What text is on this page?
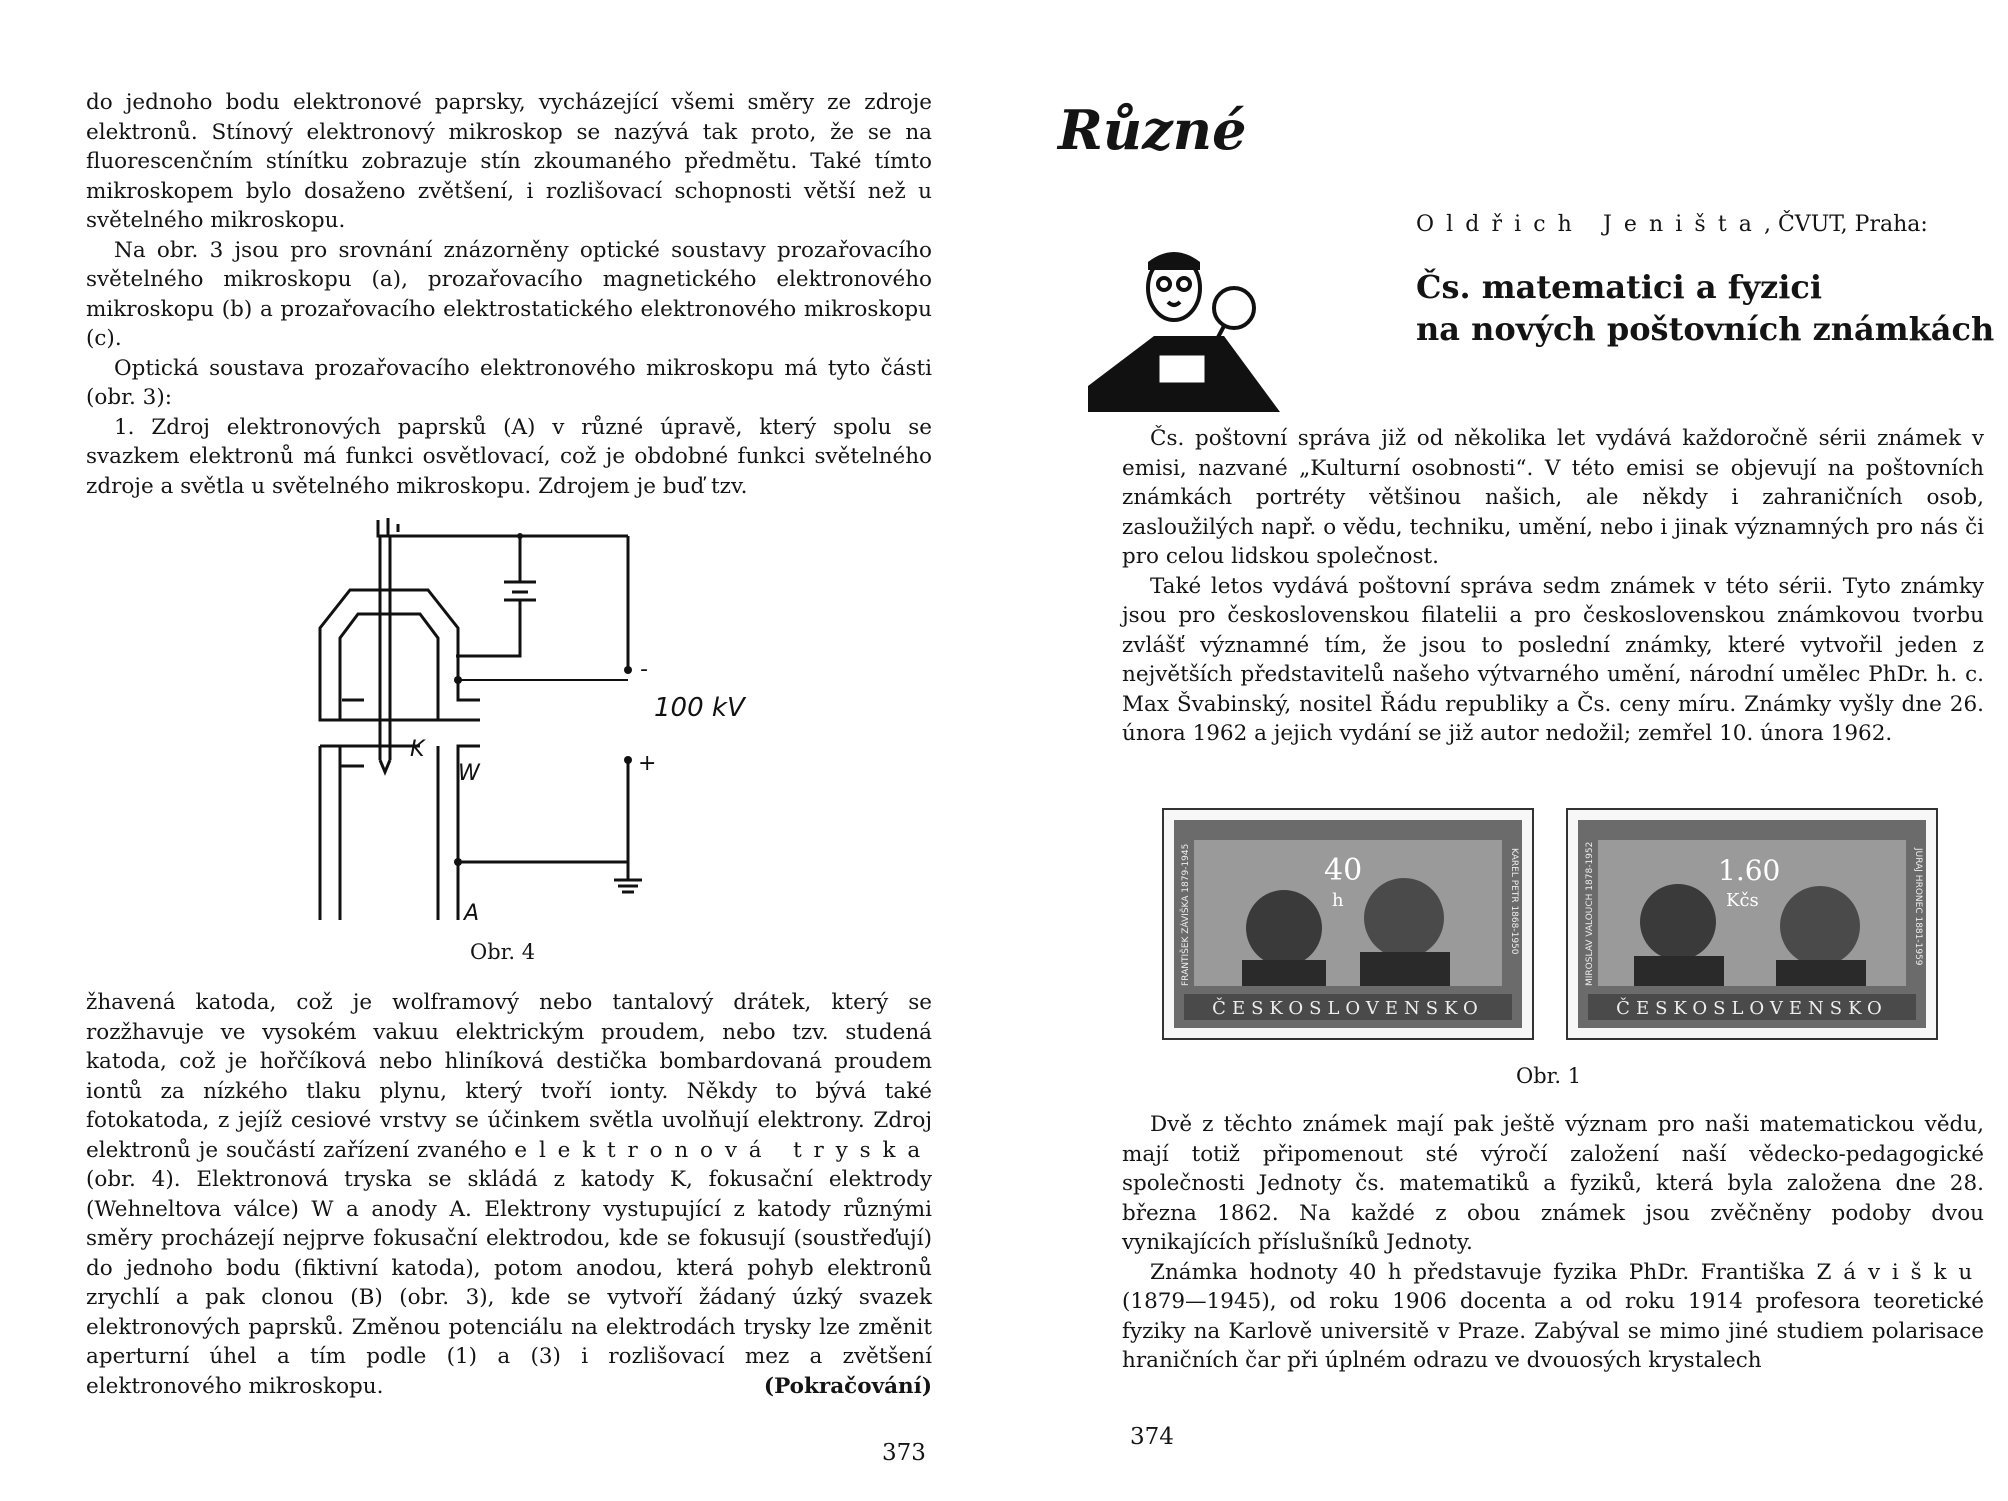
do jednoho bodu elektronové paprsky, vycházející všemi směry ze zdroje elektronů. Stínový elektronový mikroskop se nazývá tak proto, že se na fluorescenčním stínítku zobrazuje stín zkoumaného předmětu. Také tímto mikroskopem bylo dosaženo zvětšení, i rozlišovací schopnosti větší než u světelného mikroskopu.

Na obr. 3 jsou pro srovnání znázorněny optické soustavy prozařovacího světelného mikroskopu (a), prozařovacího magnetického elektronového mikroskopu (b) a prozařovacího elektrostatického elektronového mikroskopu (c).

Optická soustava prozařovacího elektronového mikroskopu má tyto části (obr. 3):

1. Zdroj elektronových paprsků (A) v různé úpravě, který spolu se svazkem elektronů má funkci osvětlovací, což je obdobné funkci světelného zdroje a světla u světelného mikroskopu. Zdrojem je buď tzv.

K
W
A
-
+
100 kV
Obr. 4

žhavená katoda, což je wolframový nebo tantalový drátek, který se rozžhavuje ve vysokém vakuu elektrickým proudem, nebo tzv. studená katoda, což je hořčíková nebo hliníková destička bombardovaná proudem iontů za nízkého tlaku plynu, který tvoří ionty. Někdy to bývá také fotokatoda, z jejíž cesiové vrstvy se účinkem světla uvolňují elektrony. Zdroj elektronů je součástí zařízení zvaného elektronová tryska (obr. 4). Elektronová tryska se skládá z katody K, fokusační elektrody (Wehneltova válce) W a anody A. Elektrony vystupující z katody různými směry procházejí nejprve fokusační elektrodou, kde se fokusují (soustřeďují) do jednoho bodu (fiktivní katoda), potom anodou, která pohyb elektronů zrychlí a pak clonou (B) (obr. 3), kde se vytvoří žádaný úzký svazek elektronových paprsků. Změnou potenciálu na elektrodách trysky lze změnit aperturní úhel a tím podle (1) a (3) i rozlišovací mez a zvětšení elektronového mikroskopu.	(Pokračování)

373
Různé
Oldřich Jeništa, ČVUT, Praha:
Čs. matematici a fyzici
na nových poštovních známkách

Čs. poštovní správa již od několika let vydává každoročně sérii známek v emisi, nazvané „Kulturní osobnosti“. V této emisi se objevují na poštovních známkách portréty většinou našich, ale někdy i zahraničních osob, zasloužilých např. o vědu, techniku, umění, nebo i jinak významných pro nás či pro celou lidskou společnost.

Také letos vydává poštovní správa sedm známek v této sérii. Tyto známky jsou pro československou filatelii a pro československou známkovou tvorbu zvlášť významné tím, že jsou to poslední známky, které vytvořil jeden z největších představitelů našeho výtvarného umění, národní umělec PhDr. h. c. Max Švabinský, nositel Řádu republiky a Čs. ceny míru. Známky vyšly dne 26. února 1962 a jejich vydání se již autor nedožil; zemřel 10. února 1962.

ČESKOSLOVENSKO
40
h
FRANTIŠEK ZÁVIŠKA 1879-1945	KAREL PETR 1868-1950
ČESKOSLOVENSKO
1.60
Kčs
MIROSLAV VALOUCH 1878-1952	JURAJ HRONEC 1881-1959
Obr. 1

Dvě z těchto známek mají pak ještě význam pro naši matematickou vědu, mají totiž připomenout sté výročí založení naší vědecko-pedagogické společnosti Jednoty čs. matematiků a fyziků, která byla založena dne 28. března 1862. Na každé z obou známek jsou zvěčněny podoby dvou vynikajících příslušníků Jednoty.

Známka hodnoty 40 h představuje fyzika PhDr. Františka Závišku (1879—1945), od roku 1906 docenta a od roku 1914 profesora teoretické fyziky na Karlově universitě v Praze. Zabýval se mimo jiné studiem polarisace hraničních čar při úplném odrazu ve dvouosých krystalech

374
